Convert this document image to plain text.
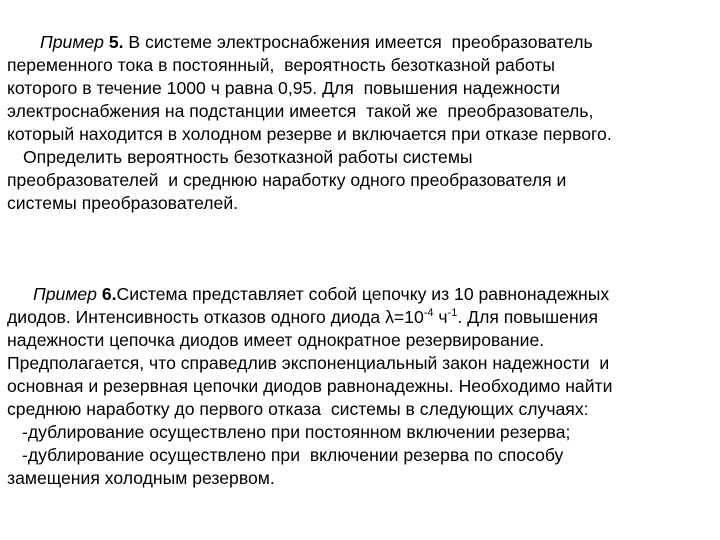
Пример 5. В системе электроснабжения имеется  преобразователь
переменного тока в постоянный,  вероятность безотказной работы
которого в течение 1000 ч равна 0,95. Для  повышения надежности
электроснабжения на подстанции имеется  такой же  преобразователь,
который находится в холодном резерве и включается при отказе первого.
Определить вероятность безотказной работы системы
преобразователей  и среднюю наработку одного преобразователя и
системы преобразователей.
Пример 6.Система представляет собой цепочку из 10 равнонадежных
диодов. Интенсивность отказов одного диода $\lambda=10^{-4}$ $ч^{-1}$. Для повышения
надежности цепочка диодов имеет однократное резервирование.
Предполагается, что справедлив экспоненциальный закон надежности  и
основная и резервная цепочки диодов равнонадежны. Необходимо найти
среднюю наработку до первого отказа  системы в следующих случаях:
-дублирование осуществлено при постоянном включении резерва;
-дублирование осуществлено при  включении резерва по способу
замещения холодным резервом.
